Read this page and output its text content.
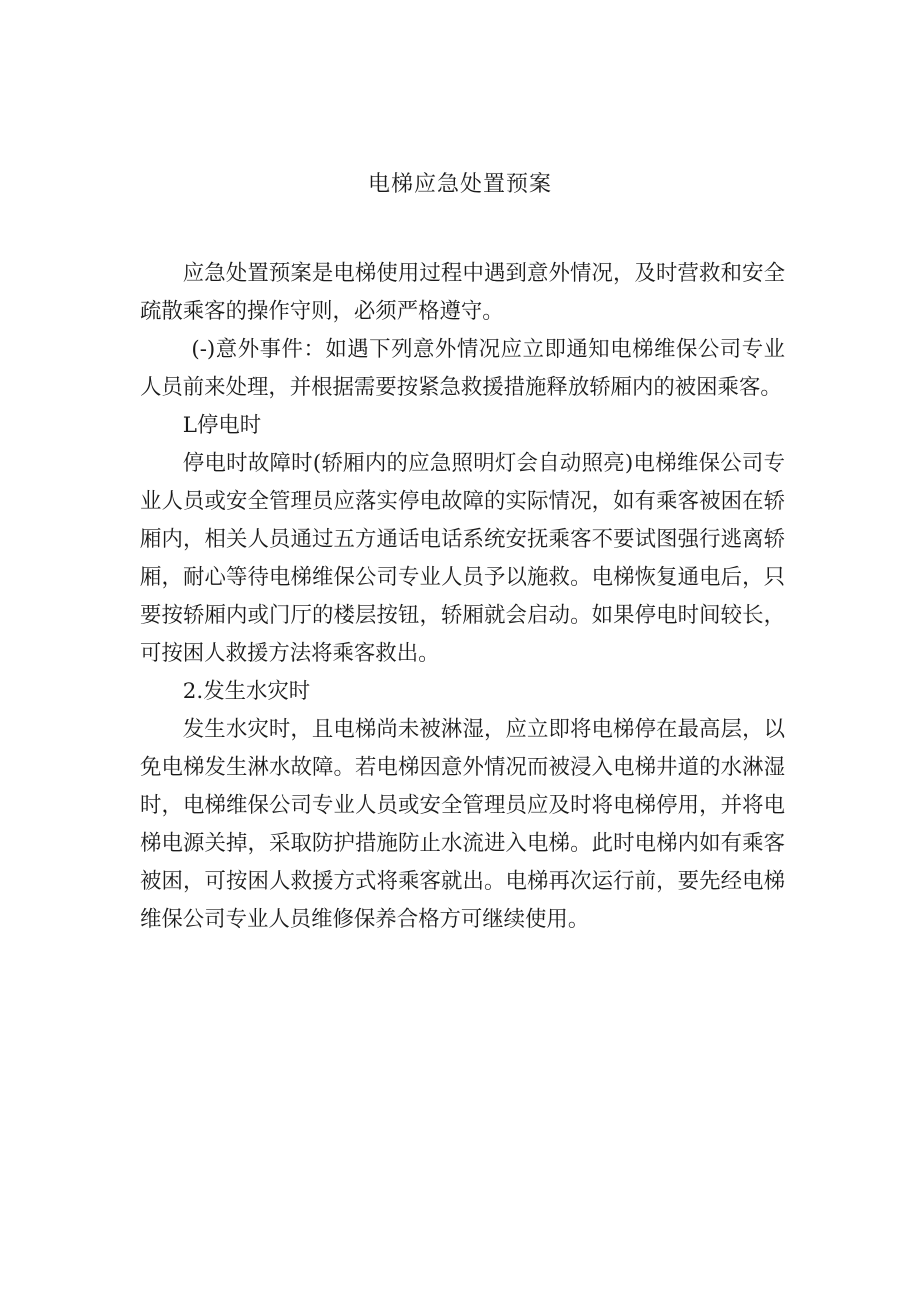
电梯应急处置预案

应急处置预案是电梯使用过程中遇到意外情况，及时营救和安全疏散乘客的操作守则，必须严格遵守。

(-)意外事件：如遇下列意外情况应立即通知电梯维保公司专业人员前来处理，并根据需要按紧急救援措施释放轿厢内的被困乘客。

L停电时

停电时故障时(轿厢内的应急照明灯会自动照亮)电梯维保公司专业人员或安全管理员应落实停电故障的实际情况，如有乘客被困在轿厢内，相关人员通过五方通话电话系统安抚乘客不要试图强行逃离轿厢，耐心等待电梯维保公司专业人员予以施救。电梯恢复通电后，只要按轿厢内或门厅的楼层按钮，轿厢就会启动。如果停电时间较长，可按困人救援方法将乘客救出。

2.发生水灾时

发生水灾时，且电梯尚未被淋湿，应立即将电梯停在最高层，以免电梯发生淋水故障。若电梯因意外情况而被浸入电梯井道的水淋湿时，电梯维保公司专业人员或安全管理员应及时将电梯停用，并将电梯电源关掉，采取防护措施防止水流进入电梯。此时电梯内如有乘客被困，可按困人救援方式将乘客就出。电梯再次运行前，要先经电梯维保公司专业人员维修保养合格方可继续使用。
